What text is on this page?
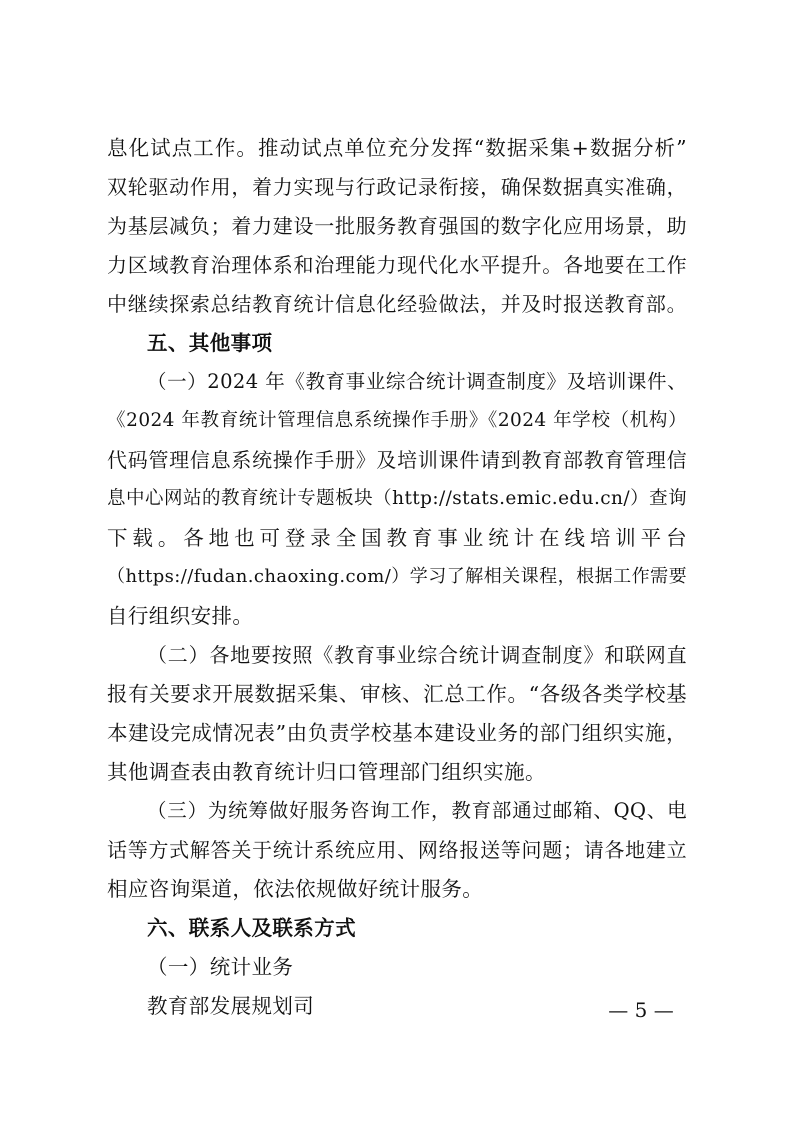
息化试点工作。推动试点单位充分发挥“数据采集+数据分析”
双轮驱动作用，着力实现与行政记录衔接，确保数据真实准确，
为基层减负；着力建设一批服务教育强国的数字化应用场景，助
力区域教育治理体系和治理能力现代化水平提升。各地要在工作
中继续探索总结教育统计信息化经验做法，并及时报送教育部。
五、其他事项
（一）2024 年《教育事业综合统计调查制度》及培训课件、
《2024 年教育统计管理信息系统操作手册》《2024 年学校（机构）
代码管理信息系统操作手册》及培训课件请到教育部教育管理信
息中心网站的教育统计专题板块（http://stats.emic.edu.cn/）查询
下载。各地也可登录全国教育事业统计在线培训平台
（https://fudan.chaoxing.com/）学习了解相关课程，根据工作需要
自行组织安排。
（二）各地要按照《教育事业综合统计调查制度》和联网直
报有关要求开展数据采集、审核、汇总工作。“各级各类学校基
本建设完成情况表”由负责学校基本建设业务的部门组织实施，
其他调查表由教育统计归口管理部门组织实施。
（三）为统筹做好服务咨询工作，教育部通过邮箱、QQ、电
话等方式解答关于统计系统应用、网络报送等问题；请各地建立
相应咨询渠道，依法依规做好统计服务。
六、联系人及联系方式
（一）统计业务
教育部发展规划司	— 5 —
